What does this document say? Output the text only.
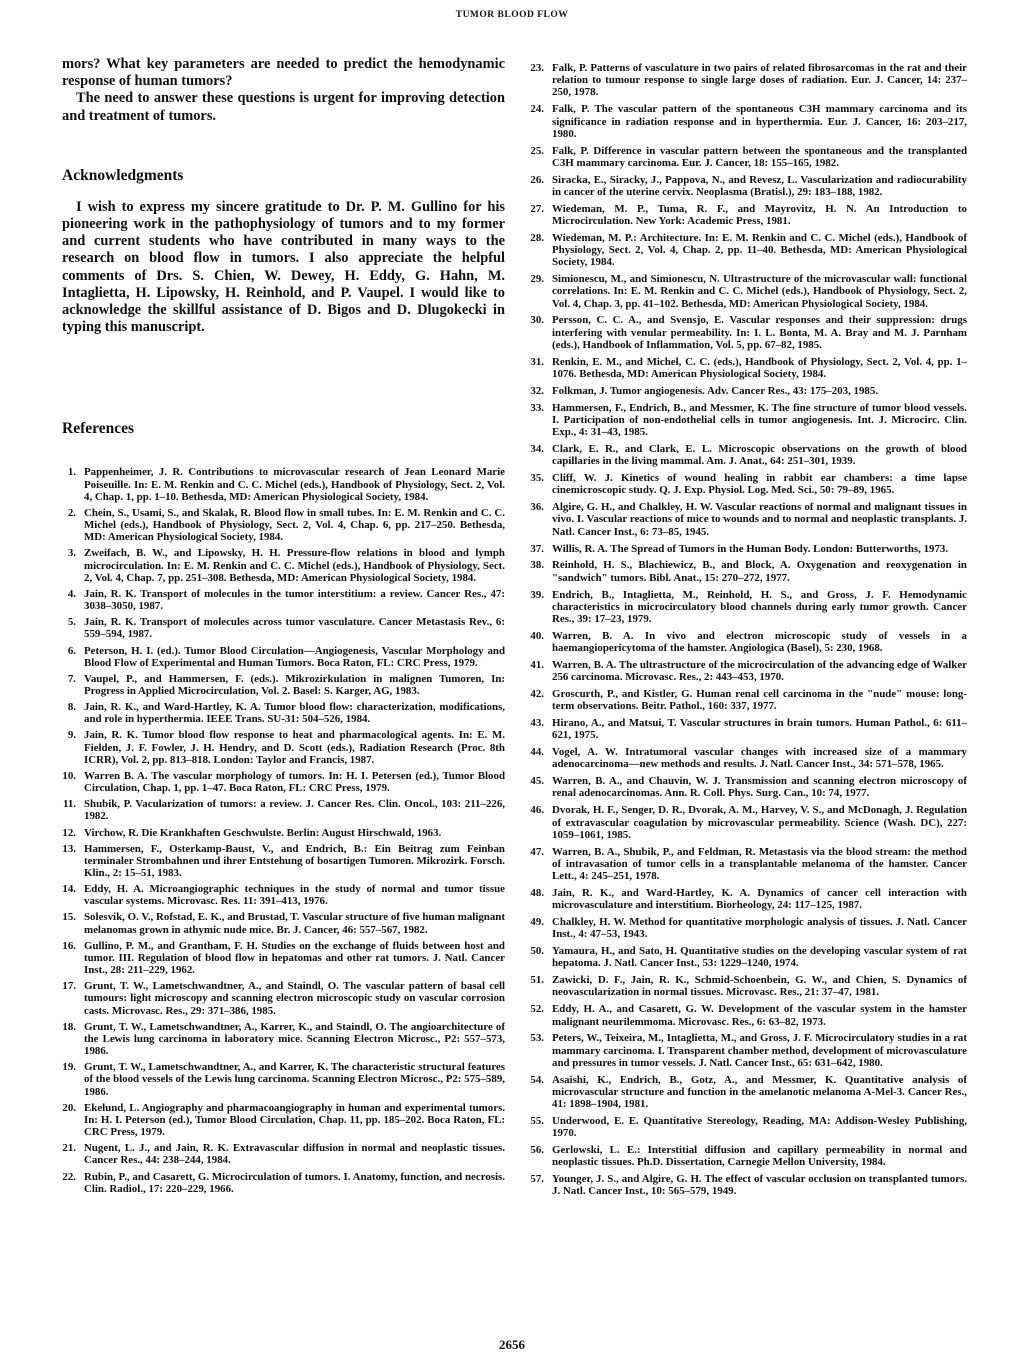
TUMOR BLOOD FLOW

mors? What key parameters are needed to predict the hemodynamic response of human tumors?

The need to answer these questions is urgent for improving detection and treatment of tumors.

Acknowledgments

I wish to express my sincere gratitude to Dr. P. M. Gullino for his pioneering work in the pathophysiology of tumors and to my former and current students who have contributed in many ways to the research on blood flow in tumors. I also appreciate the helpful comments of Drs. S. Chien, W. Dewey, H. Eddy, G. Hahn, M. Intaglietta, H. Lipowsky, H. Reinhold, and P. Vaupel. I would like to acknowledge the skillful assistance of D. Bigos and D. Dlugokecki in typing this manuscript.

References
1. Pappenheimer, J. R. Contributions to microvascular research of Jean Leonard Marie Poiseuille. In: E. M. Renkin and C. C. Michel (eds.), Handbook of Physiology, Sect. 2, Vol. 4, Chap. 1, pp. 1–10. Bethesda, MD: American Physiological Society, 1984.
2. Chein, S., Usami, S., and Skalak, R. Blood flow in small tubes. In: E. M. Renkin and C. C. Michel (eds.), Handbook of Physiology, Sect. 2, Vol. 4, Chap. 6, pp. 217–250. Bethesda, MD: American Physiological Society, 1984.
3. Zweifach, B. W., and Lipowsky, H. H. Pressure-flow relations in blood and lymph microcirculation. In: E. M. Renkin and C. C. Michel (eds.), Handbook of Physiology, Sect. 2, Vol. 4, Chap. 7, pp. 251–308. Bethesda, MD: American Physiological Society, 1984.
4. Jain, R. K. Transport of molecules in the tumor interstitium: a review. Cancer Res., 47: 3038–3050, 1987.
5. Jain, R. K. Transport of molecules across tumor vasculature. Cancer Metastasis Rev., 6: 559–594, 1987.
6. Peterson, H. I. (ed.). Tumor Blood Circulation—Angiogenesis, Vascular Morphology and Blood Flow of Experimental and Human Tumors. Boca Raton, FL: CRC Press, 1979.
7. Vaupel, P., and Hammersen, F. (eds.). Mikrozirkulation in malignen Tumoren, In: Progress in Applied Microcirculation, Vol. 2. Basel: S. Karger, AG, 1983.
8. Jain, R. K., and Ward-Hartley, K. A. Tumor blood flow: characterization, modifications, and role in hyperthermia. IEEE Trans. SU-31: 504–526, 1984.
9. Jain, R. K. Tumor blood flow response to heat and pharmacological agents. In: E. M. Fielden, J. F. Fowler, J. H. Hendry, and D. Scott (eds.), Radiation Research (Proc. 8th ICRR), Vol. 2, pp. 813–818. London: Taylor and Francis, 1987.
10. Warren B. A. The vascular morphology of tumors. In: H. I. Petersen (ed.), Tumor Blood Circulation, Chap. 1, pp. 1–47. Boca Raton, FL: CRC Press, 1979.
11. Shubik, P. Vacularization of tumors: a review. J. Cancer Res. Clin. Oncol., 103: 211–226, 1982.
12. Virchow, R. Die Krankhaften Geschwulste. Berlin: August Hirschwald, 1963.
13. Hammersen, F., Osterkamp-Baust, V., and Endrich, B.: Ein Beitrag zum Feinban terminaler Strombahnen und ihrer Entstehung of bosartigen Tumoren. Mikrozirk. Forsch. Klin., 2: 15–51, 1983.
14. Eddy, H. A. Microangiographic techniques in the study of normal and tumor tissue vascular systems. Microvasc. Res. 11: 391–413, 1976.
15. Solesvik, O. V., Rofstad, E. K., and Brustad, T. Vascular structure of five human malignant melanomas grown in athymic nude mice. Br. J. Cancer, 46: 557–567, 1982.
16. Gullino, P. M., and Grantham, F. H. Studies on the exchange of fluids between host and tumor. III. Regulation of blood flow in hepatomas and other rat tumors. J. Natl. Cancer Inst., 28: 211–229, 1962.
17. Grunt, T. W., Lametschwandtner, A., and Staindl, O. The vascular pattern of basal cell tumours: light microscopy and scanning electron microscopic study on vascular corrosion casts. Microvasc. Res., 29: 371–386, 1985.
18. Grunt, T. W., Lametschwandtner, A., Karrer, K., and Staindl, O. The angioarchitecture of the Lewis lung carcinoma in laboratory mice. Scanning Electron Microsc., P2: 557–573, 1986.
19. Grunt, T. W., Lametschwandtner, A., and Karrer, K. The characteristic structural features of the blood vessels of the Lewis lung carcinoma. Scanning Electron Microsc., P2: 575–589, 1986.
20. Ekelund, L. Angiography and pharmacoangiography in human and experimental tumors. In: H. I. Peterson (ed.), Tumor Blood Circulation, Chap. 11, pp. 185–202. Boca Raton, FL: CRC Press, 1979.
21. Nugent, L. J., and Jain, R. K. Extravascular diffusion in normal and neoplastic tissues. Cancer Res., 44: 238–244, 1984.
22. Rubin, P., and Casarett, G. Microcirculation of tumors. I. Anatomy, function, and necrosis. Clin. Radiol., 17: 220–229, 1966.
23. Falk, P. Patterns of vasculature in two pairs of related fibrosarcomas in the rat and their relation to tumour response to single large doses of radiation. Eur. J. Cancer, 14: 237–250, 1978.
24. Falk, P. The vascular pattern of the spontaneous C3H mammary carcinoma and its significance in radiation response and in hyperthermia. Eur. J. Cancer, 16: 203–217, 1980.
25. Falk, P. Difference in vascular pattern between the spontaneous and the transplanted C3H mammary carcinoma. Eur. J. Cancer, 18: 155–165, 1982.
26. Siracka, E., Siracky, J., Pappova, N., and Revesz, L. Vascularization and radiocurability in cancer of the uterine cervix. Neoplasma (Bratisl.), 29: 183–188, 1982.
27. Wiedeman, M. P., Tuma, R. F., and Mayrovitz, H. N. An Introduction to Microcirculation. New York: Academic Press, 1981.
28. Wiedeman, M. P.: Architecture. In: E. M. Renkin and C. C. Michel (eds.), Handbook of Physiology, Sect. 2, Vol. 4, Chap. 2, pp. 11–40. Bethesda, MD: American Physiological Society, 1984.
29. Simionescu, M., and Simionescu, N. Ultrastructure of the microvascular wall: functional correlations. In: E. M. Renkin and C. C. Michel (eds.), Handbook of Physiology, Sect. 2, Vol. 4, Chap. 3, pp. 41–102. Bethesda, MD: American Physiological Society, 1984.
30. Persson, C. C. A., and Svensjo, E. Vascular responses and their suppression: drugs interfering with venular permeability. In: I. L. Bonta, M. A. Bray and M. J. Parnham (eds.), Handbook of Inflammation, Vol. 5, pp. 67–82, 1985.
31. Renkin, E. M., and Michel, C. C. (eds.), Handbook of Physiology, Sect. 2, Vol. 4, pp. 1–1076. Bethesda, MD: American Physiological Society, 1984.
32. Folkman, J. Tumor angiogenesis. Adv. Cancer Res., 43: 175–203, 1985.
33. Hammersen, F., Endrich, B., and Messmer, K. The fine structure of tumor blood vessels. I. Participation of non-endothelial cells in tumor angiogenesis. Int. J. Microcirc. Clin. Exp., 4: 31–43, 1985.
34. Clark, E. R., and Clark, E. L. Microscopic observations on the growth of blood capillaries in the living mammal. Am. J. Anat., 64: 251–301, 1939.
35. Cliff, W. J. Kinetics of wound healing in rabbit ear chambers: a time lapse cinemicroscopic study. Q. J. Exp. Physiol. Log. Med. Sci., 50: 79–89, 1965.
36. Algire, G. H., and Chalkley, H. W. Vascular reactions of normal and malignant tissues in vivo. I. Vascular reactions of mice to wounds and to normal and neoplastic transplants. J. Natl. Cancer Inst., 6: 73–85, 1945.
37. Willis, R. A. The Spread of Tumors in the Human Body. London: Butterworths, 1973.
38. Reinhold, H. S., Blachiewicz, B., and Block, A. Oxygenation and reoxygenation in "sandwich" tumors. Bibl. Anat., 15: 270–272, 1977.
39. Endrich, B., Intaglietta, M., Reinhold, H. S., and Gross, J. F. Hemodynamic characteristics in microcirculatory blood channels during early tumor growth. Cancer Res., 39: 17–23, 1979.
40. Warren, B. A. In vivo and electron microscopic study of vessels in a haemangiopericytoma of the hamster. Angiologica (Basel), 5: 230, 1968.
41. Warren, B. A. The ultrastructure of the microcirculation of the advancing edge of Walker 256 carcinoma. Microvasc. Res., 2: 443–453, 1970.
42. Groscurth, P., and Kistler, G. Human renal cell carcinoma in the "nude" mouse: long-term observations. Beitr. Pathol., 160: 337, 1977.
43. Hirano, A., and Matsui, T. Vascular structures in brain tumors. Human Pathol., 6: 611–621, 1975.
44. Vogel, A. W. Intratumoral vascular changes with increased size of a mammary adenocarcinoma—new methods and results. J. Natl. Cancer Inst., 34: 571–578, 1965.
45. Warren, B. A., and Chauvin, W. J. Transmission and scanning electron microscopy of renal adenocarcinomas. Ann. R. Coll. Phys. Surg. Can., 10: 74, 1977.
46. Dvorak, H. F., Senger, D. R., Dvorak, A. M., Harvey, V. S., and McDonagh, J. Regulation of extravascular coagulation by microvascular permeability. Science (Wash. DC), 227: 1059–1061, 1985.
47. Warren, B. A., Shubik, P., and Feldman, R. Metastasis via the blood stream: the method of intravasation of tumor cells in a transplantable melanoma of the hamster. Cancer Lett., 4: 245–251, 1978.
48. Jain, R. K., and Ward-Hartley, K. A. Dynamics of cancer cell interaction with microvasculature and interstitium. Biorheology, 24: 117–125, 1987.
49. Chalkley, H. W. Method for quantitative morphologic analysis of tissues. J. Natl. Cancer Inst., 4: 47–53, 1943.
50. Yamaura, H., and Sato, H. Quantitative studies on the developing vascular system of rat hepatoma. J. Natl. Cancer Inst., 53: 1229–1240, 1974.
51. Zawicki, D. F., Jain, R. K., Schmid-Schoenbein, G. W., and Chien, S. Dynamics of neovascularization in normal tissues. Microvasc. Res., 21: 37–47, 1981.
52. Eddy, H. A., and Casarett, G. W. Development of the vascular system in the hamster malignant neurilemmoma. Microvasc. Res., 6: 63–82, 1973.
53. Peters, W., Teixeira, M., Intaglietta, M., and Gross, J. F. Microcirculatory studies in a rat mammary carcinoma. I. Transparent chamber method, development of microvasculature and pressures in tumor vessels. J. Natl. Cancer Inst., 65: 631–642, 1980.
54. Asaishi, K., Endrich, B., Gotz, A., and Messmer, K. Quantitative analysis of microvascular structure and function in the amelanotic melanoma A-Mel-3. Cancer Res., 41: 1898–1904, 1981.
55. Underwood, E. E. Quantitative Stereology, Reading, MA: Addison-Wesley Publishing, 1970.
56. Gerlowski, L. E.: Interstitial diffusion and capillary permeability in normal and neoplastic tissues. Ph.D. Dissertation, Carnegie Mellon University, 1984.
57. Younger, J. S., and Algire, G. H. The effect of vascular occlusion on transplanted tumors. J. Natl. Cancer Inst., 10: 565–579, 1949.
2656
